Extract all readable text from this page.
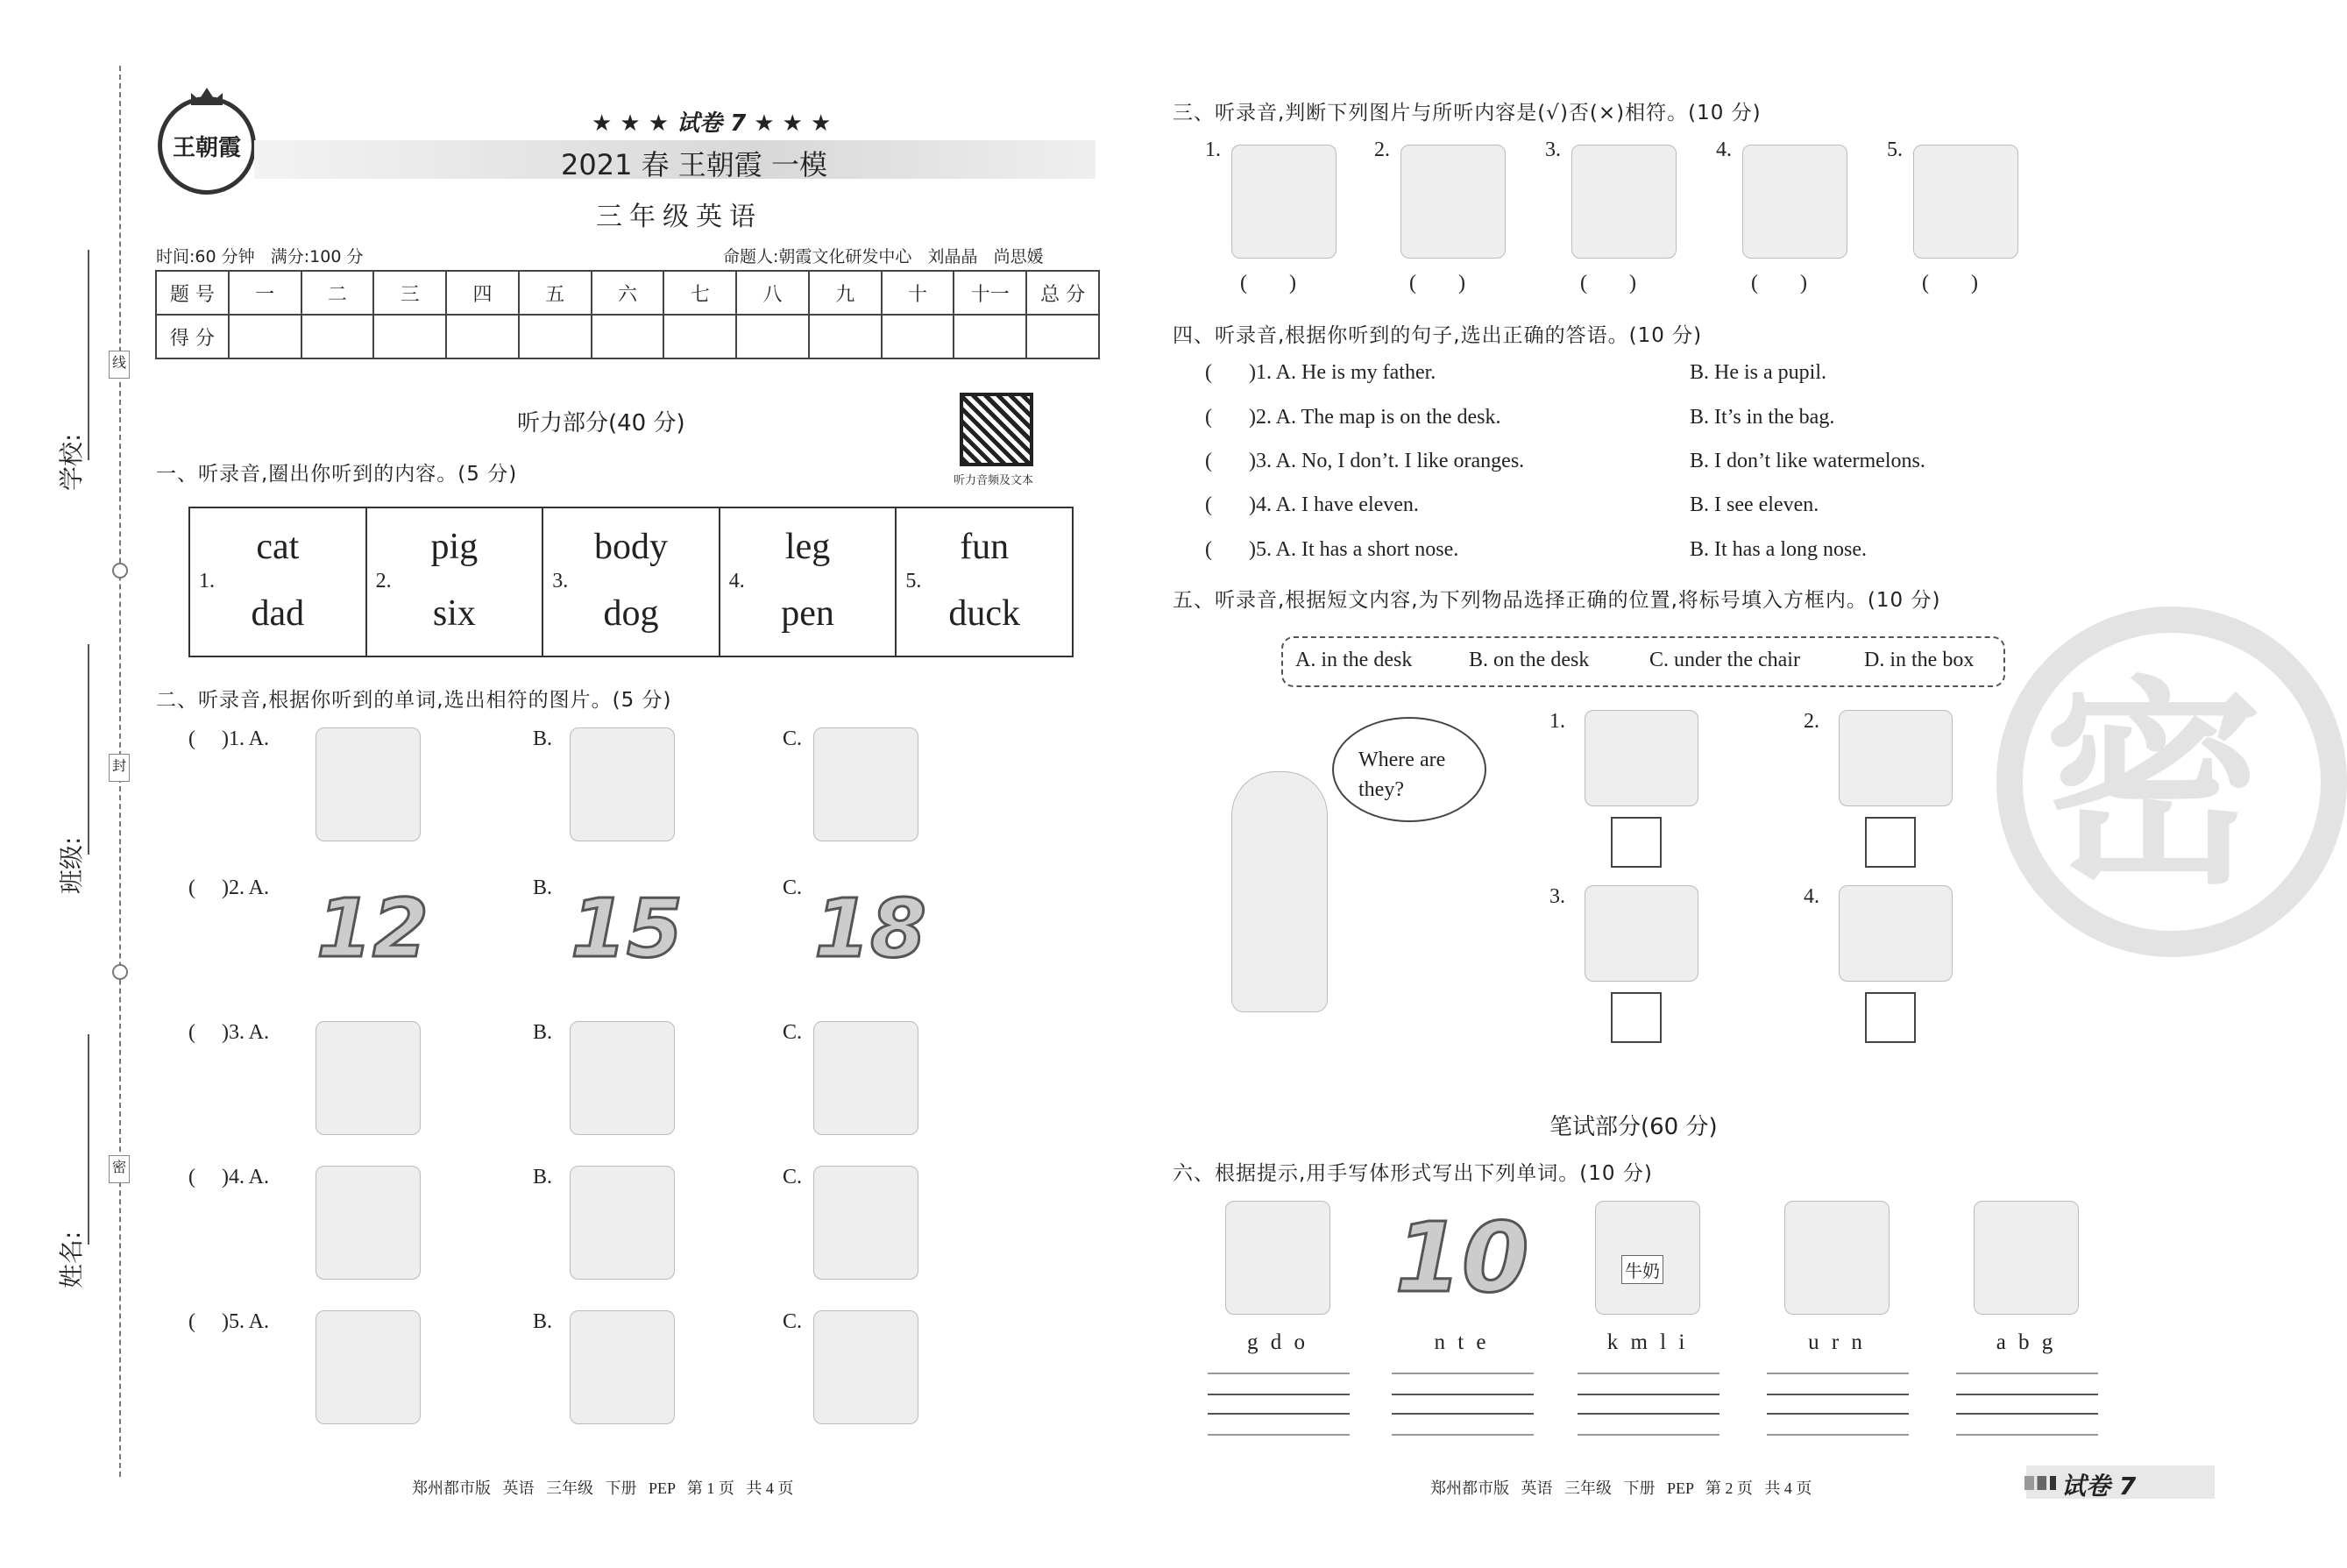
线
封
密
学校:
班级:
姓名:
王朝霞
★ ★ ★ 试卷 7 ★ ★ ★
2021 春 王朝霞 一模
三年级英语
时间:60 分钟   满分:100 分	命题人:朝霞文化研发中心   刘晶晶   尚思媛
题 号	一	二	三	四	五	六	七	八	九	十	十一	总 分
得 分												
听力部分(40 分)
听力音频及文本
一、听录音,圈出你听到的内容。(5 分)
1.
cat
dad

2.
pig
six

3.
body
dog

4.
leg
pen

5.
fun
duck
二、听录音,根据你听到的单词,选出相符的图片。(5 分)
(     )1. A.	B.	C.
(     )2. A.	B.	C.
12 15 18
(     )3. A.	B.	C.
(     )4. A.	B.	C.
(     )5. A.	B.	C.
三、听录音,判断下列图片与所听内容是(√)否(×)相符。(10 分)
1.
(        )
2.
(        )
3.
(        )
4.
(        )
5.
(        )
四、听录音,根据你听到的句子,选出正确的答语。(10 分)
(       )1. A. He is my father.	B. He is a pupil.
(       )2. A. The map is on the desk.	B. It’s in the bag.
(       )3. A. No, I don’t. I like oranges.	B. I don’t like watermelons.
(       )4. A. I have eleven.	B. I see eleven.
(       )5. A. It has a short nose.	B. It has a long nose.
五、听录音,根据短文内容,为下列物品选择正确的位置,将标号填入方框内。(10 分)
A. in the desk	B. on the desk	C. under the chair	D. in the box
Where are they?
1.	2.
3.	4.
笔试部分(60 分)
六、根据提示,用手写体形式写出下列单词。(10 分)
g d o
10
n t e
牛奶
k m l i	u r n	a b g
密
郑州都市版   英语   三年级   下册   PEP   第 1 页   共 4 页	郑州都市版   英语   三年级   下册   PEP   第 2 页   共 4 页	试卷 7
